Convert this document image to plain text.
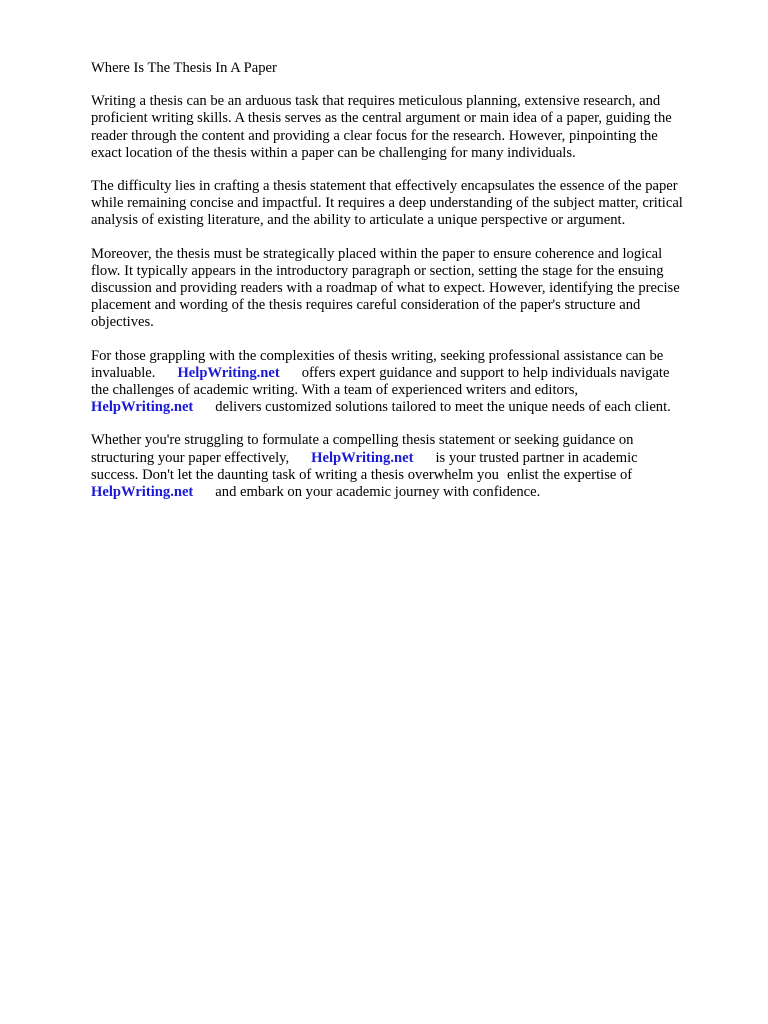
Where Is The Thesis In A Paper

Writing a thesis can be an arduous task that requires meticulous planning, extensive research, and
proficient writing skills. A thesis serves as the central argument or main idea of a paper, guiding the
reader through the content and providing a clear focus for the research. However, pinpointing the
exact location of the thesis within a paper can be challenging for many individuals.

The difficulty lies in crafting a thesis statement that effectively encapsulates the essence of the paper
while remaining concise and impactful. It requires a deep understanding of the subject matter, critical
analysis of existing literature, and the ability to articulate a unique perspective or argument.

Moreover, the thesis must be strategically placed within the paper to ensure coherence and logical
flow. It typically appears in the introductory paragraph or section, setting the stage for the ensuing
discussion and providing readers with a roadmap of what to expect. However, identifying the precise
placement and wording of the thesis requires careful consideration of the paper's structure and
objectives.

For those grappling with the complexities of thesis writing, seeking professional assistance can be
invaluable. HelpWriting.net offers expert guidance and support to help individuals navigate
the challenges of academic writing. With a team of experienced writers and editors,
HelpWriting.net delivers customized solutions tailored to meet the unique needs of each client.

Whether you're struggling to formulate a compelling thesis statement or seeking guidance on
structuring your paper effectively, HelpWriting.net is your trusted partner in academic
success. Don't let the daunting task of writing a thesis overwhelm you enlist the expertise of
HelpWriting.net and embark on your academic journey with confidence.
